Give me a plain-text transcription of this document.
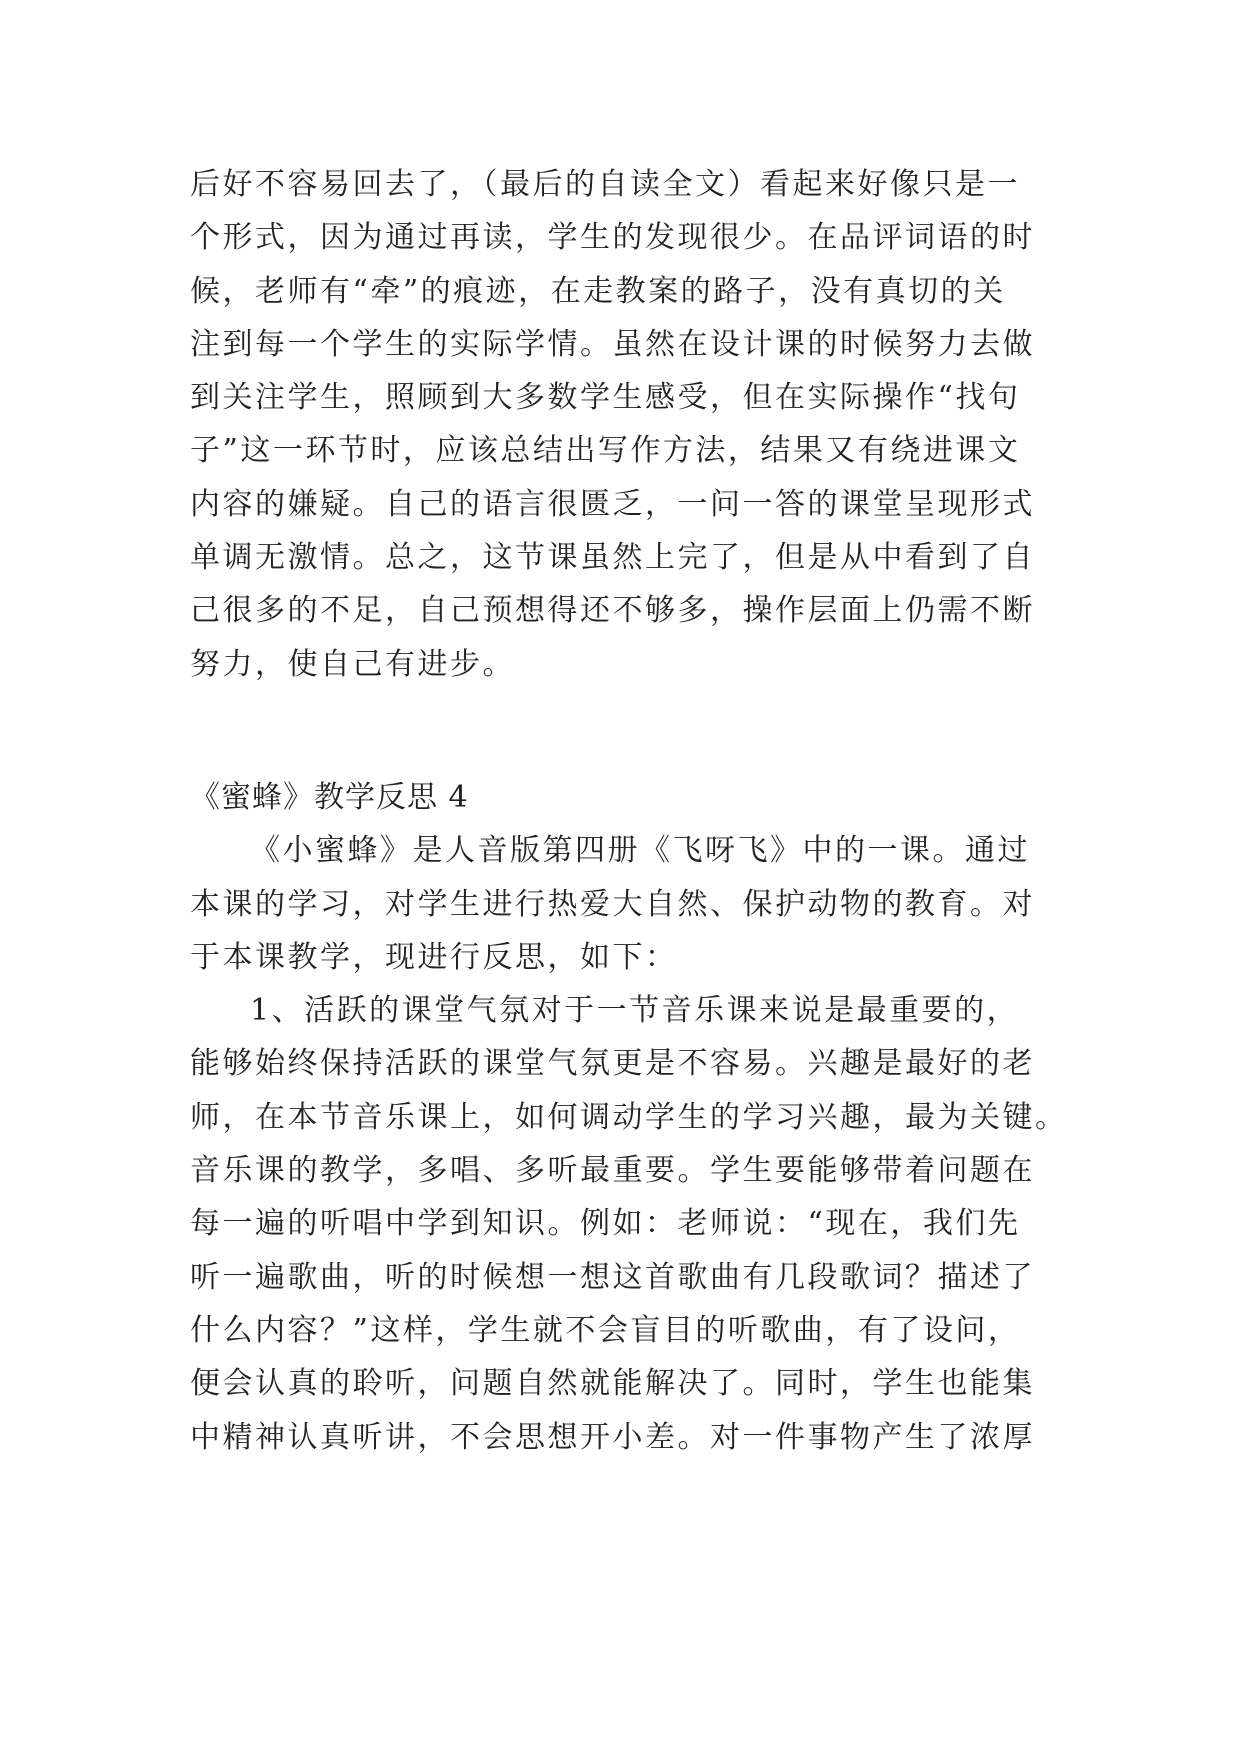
后好不容易回去了，（最后的自读全文）看起来好像只是一
个形式，因为通过再读，学生的发现很少。在品评词语的时
候，老师有“牵”的痕迹，在走教案的路子，没有真切的关
注到每一个学生的实际学情。虽然在设计课的时候努力去做
到关注学生，照顾到大多数学生感受，但在实际操作“找句
子”这一环节时，应该总结出写作方法，结果又有绕进课文
内容的嫌疑。自己的语言很匮乏，一问一答的课堂呈现形式
单调无激情。总之，这节课虽然上完了，但是从中看到了自
己很多的不足，自己预想得还不够多，操作层面上仍需不断
努力，使自己有进步。
《蜜蜂》教学反思 4
《小蜜蜂》是人音版第四册《飞呀飞》中的一课。通过
本课的学习，对学生进行热爱大自然、保护动物的教育。对
于本课教学，现进行反思，如下：
1、活跃的课堂气氛对于一节音乐课来说是最重要的，
能够始终保持活跃的课堂气氛更是不容易。兴趣是最好的老
师，在本节音乐课上，如何调动学生的学习兴趣，最为关键。
音乐课的教学，多唱、多听最重要。学生要能够带着问题在
每一遍的听唱中学到知识。例如：老师说：“现在，我们先
听一遍歌曲，听的时候想一想这首歌曲有几段歌词？描述了
什么内容？”这样，学生就不会盲目的听歌曲，有了设问，
便会认真的聆听，问题自然就能解决了。同时，学生也能集
中精神认真听讲，不会思想开小差。对一件事物产生了浓厚
